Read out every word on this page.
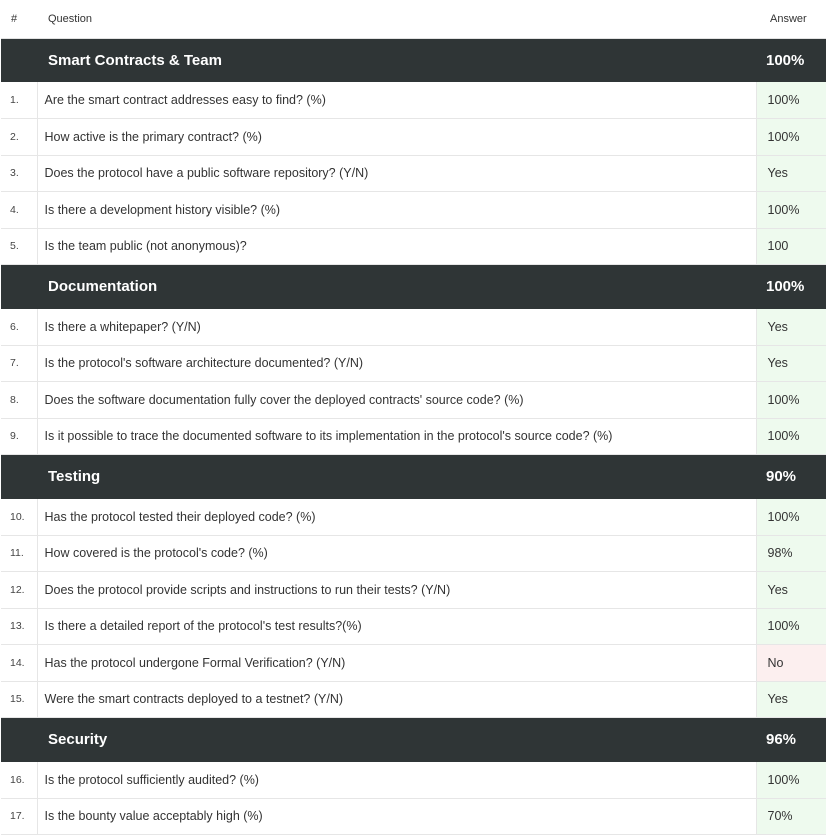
#	Question	Answer
	Smart Contracts & Team	100%
1.	Are the smart contract addresses easy to find? (%)	100%
2.	How active is the primary contract? (%)	100%
3.	Does the protocol have a public software repository? (Y/N)	Yes
4.	Is there a development history visible? (%)	100%
5.	Is the team public (not anonymous)?	100
	Documentation	100%
6.	Is there a whitepaper? (Y/N)	Yes
7.	Is the protocol's software architecture documented? (Y/N)	Yes
8.	Does the software documentation fully cover the deployed contracts' source code? (%)	100%
9.	Is it possible to trace the documented software to its implementation in the protocol's source code? (%)	100%
	Testing	90%
10.	Has the protocol tested their deployed code? (%)	100%
11.	How covered is the protocol's code? (%)	98%
12.	Does the protocol provide scripts and instructions to run their tests? (Y/N)	Yes
13.	Is there a detailed report of the protocol's test results?(%)	100%
14.	Has the protocol undergone Formal Verification? (Y/N)	No
15.	Were the smart contracts deployed to a testnet? (Y/N)	Yes
	Security	96%
16.	Is the protocol sufficiently audited? (%)	100%
17.	Is the bounty value acceptably high (%)	70%
